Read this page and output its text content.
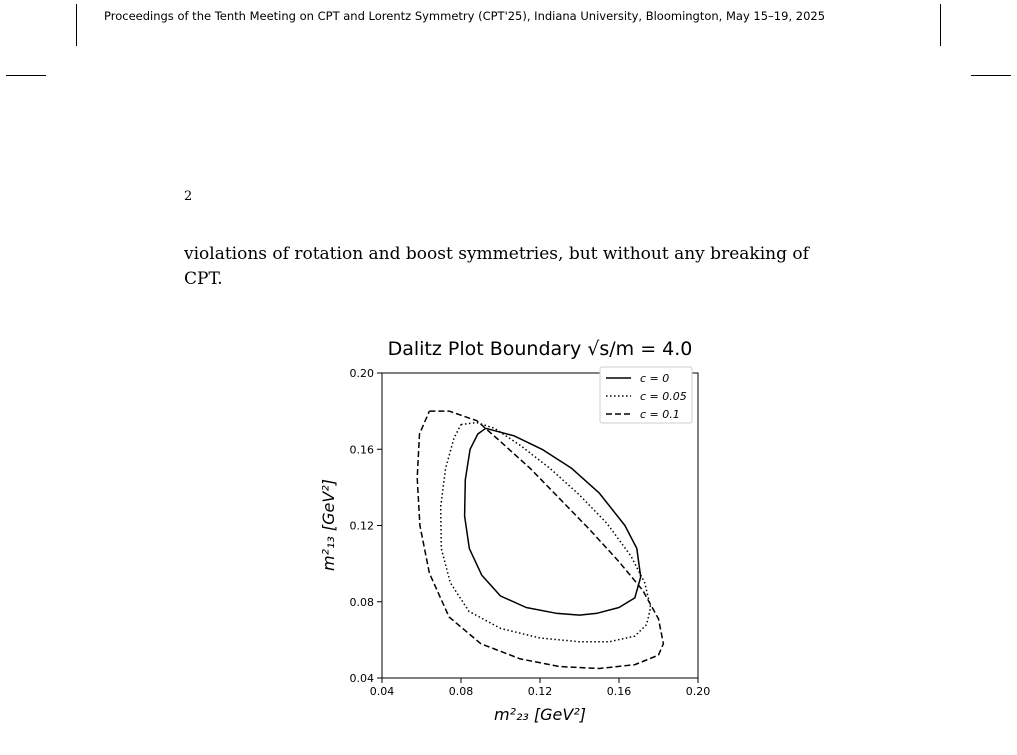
Proceedings of the Tenth Meeting on CPT and Lorentz Symmetry (CPT'25), Indiana University, Bloomington, May 15–19, 2025
2
violations of rotation and boost symmetries, but without any breaking of
CPT.
Dalitz Plot Boundary √s/m = 4.0
0.04
0.08
0.12
0.16
0.20
0.04	0.08	0.12	0.16	0.20
m²₂₃ [GeV²]
m²₁₃ [GeV²]
c = 0
c = 0.05
c = 0.1
